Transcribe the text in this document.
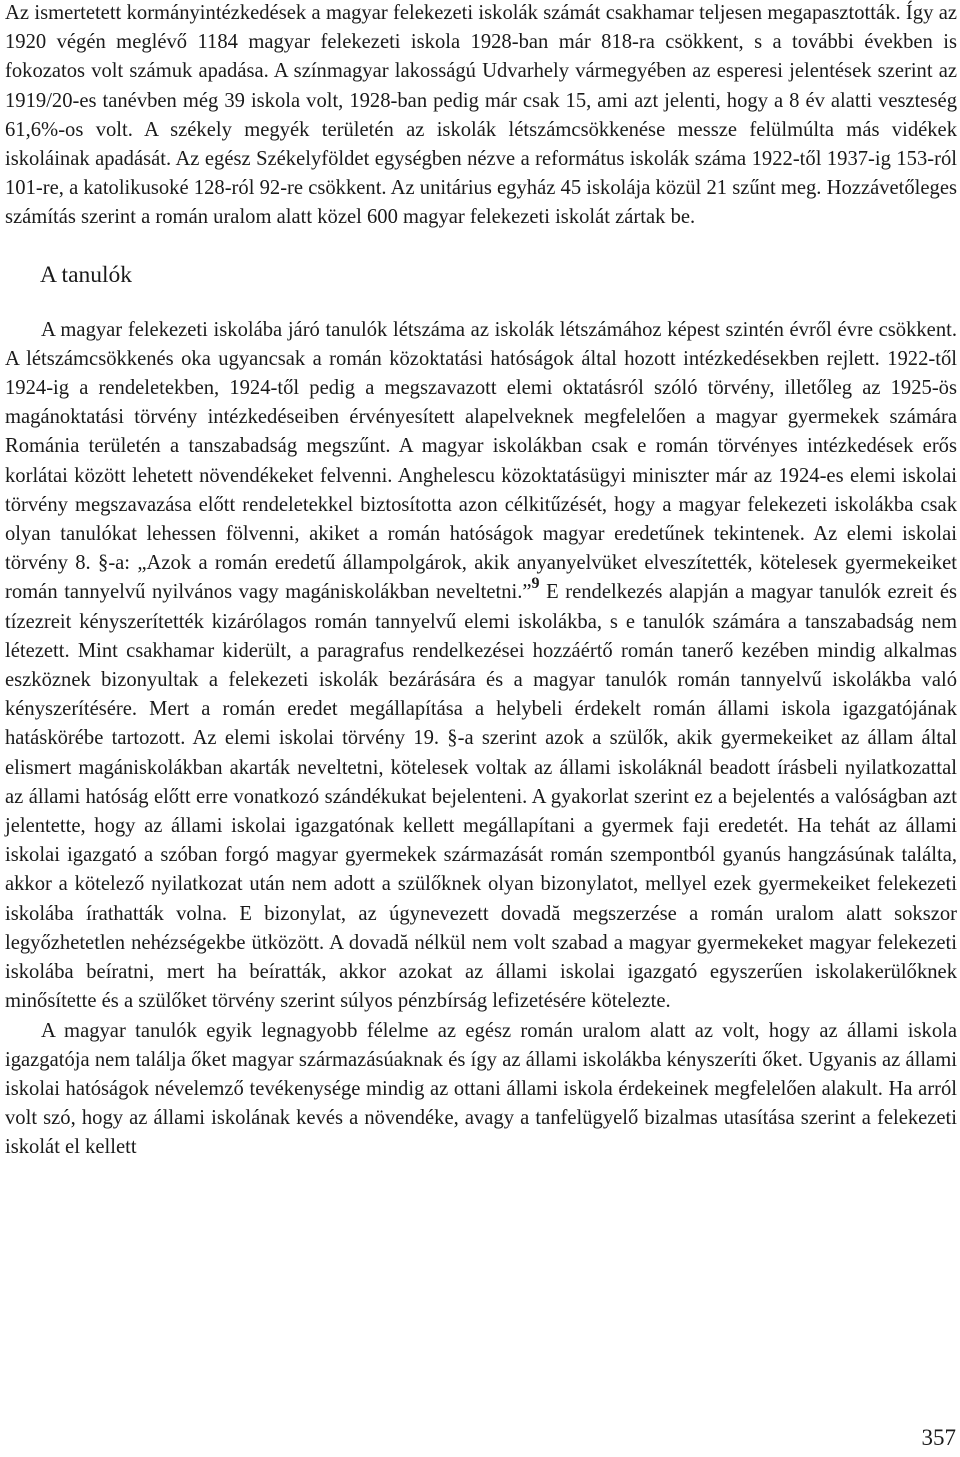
Az ismertetett kormányintézkedések a magyar felekezeti iskolák számát csakhamar teljesen megapasztották. Így az 1920 végén meglévő 1184 magyar felekezeti iskola 1928-ban már 818-ra csökkent, s a további években is fokozatos volt számuk apadása. A színmagyar lakosságú Udvarhely vármegyében az esperesi jelentések szerint az 1919/20-es tanévben még 39 iskola volt, 1928-ban pedig már csak 15, ami azt jelenti, hogy a 8 év alatti veszteség 61,6%-os volt. A székely megyék területén az iskolák létszámcsökkenése messze felülmúlta más vidékek iskoláinak apadását. Az egész Székelyföldet egységben nézve a református iskolák száma 1922-től 1937-ig 153-ról 101-re, a katolikusoké 128-ról 92-re csökkent. Az unitárius egyház 45 iskolája közül 21 szűnt meg. Hozzávetőleges számítás szerint a román uralom alatt közel 600 magyar felekezeti iskolát zártak be.

A tanulók

A magyar felekezeti iskolába járó tanulók létszáma az iskolák létszámához képest szintén évről évre csökkent. A létszámcsökkenés oka ugyancsak a román közoktatási hatóságok által hozott intézkedésekben rejlett. 1922-től 1924-ig a rendeletekben, 1924-től pedig a megszavazott elemi oktatásról szóló törvény, illetőleg az 1925-ös magánoktatási törvény intézkedéseiben érvényesített alapelveknek megfelelően a magyar gyermekek számára Románia területén a tanszabadság megszűnt. A magyar iskolákban csak e román törvényes intézkedések erős korlátai között lehetett növendékeket felvenni. Anghelescu közoktatásügyi miniszter már az 1924-es elemi iskolai törvény megszavazása előtt rendeletekkel biztosította azon célkitűzését, hogy a magyar felekezeti iskolákba csak olyan tanulókat lehessen fölvenni, akiket a román hatóságok magyar eredetűnek tekintenek. Az elemi iskolai törvény 8. §-a: „Azok a román eredetű állampolgárok, akik anyanyelvüket elveszítették, kötelesek gyermekeiket román tannyelvű nyilvános vagy magániskolákban neveltetni.”$^9$ E rendelkezés alapján a magyar tanulók ezreit és tízezreit kényszerítették kizárólagos román tannyelvű elemi iskolákba, s e tanulók számára a tanszabadság nem létezett. Mint csakhamar kiderült, a paragrafus rendelkezései hozzáértő román tanerő kezében mindig alkalmas eszköznek bizonyultak a felekezeti iskolák bezárására és a magyar tanulók román tannyelvű iskolákba való kényszerítésére. Mert a román eredet megállapítása a helybeli érdekelt román állami iskola igazgatójának hatáskörébe tartozott. Az elemi iskolai törvény 19. §-a szerint azok a szülők, akik gyermekeiket az állam által elismert magániskolákban akarták neveltetni, kötelesek voltak az állami iskoláknál beadott írásbeli nyilatkozattal az állami hatóság előtt erre vonatkozó szándékukat bejelenteni. A gyakorlat szerint ez a bejelentés a valóságban azt jelentette, hogy az állami iskolai igazgatónak kellett megállapítani a gyermek faji eredetét. Ha tehát az állami iskolai igazgató a szóban forgó magyar gyermekek származását román szempontból gyanús hangzásúnak találta, akkor a kötelező nyilatkozat után nem adott a szülőknek olyan bizonylatot, mellyel ezek gyermekeiket felekezeti iskolába írathatták volna. E bizonylat, az úgynevezett dovadă megszerzése a román uralom alatt sokszor legyőzhetetlen nehézségekbe ütközött. A dovadă nélkül nem volt szabad a magyar gyermekeket magyar felekezeti iskolába beíratni, mert ha beíratták, akkor azokat az állami iskolai igazgató egyszerűen iskolakerülőknek minősítette és a szülőket törvény szerint súlyos pénzbírság lefizetésére kötelezte.

A magyar tanulók egyik legnagyobb félelme az egész román uralom alatt az volt, hogy az állami iskola igazgatója nem találja őket magyar származásúaknak és így az állami iskolákba kényszeríti őket. Ugyanis az állami iskolai hatóságok névelemző tevékenysége mindig az ottani állami iskola érdekeinek megfelelően alakult. Ha arról volt szó, hogy az állami iskolának kevés a növendéke, avagy a tanfelügyelő bizalmas utasítása szerint a felekezeti iskolát el kellett

357
